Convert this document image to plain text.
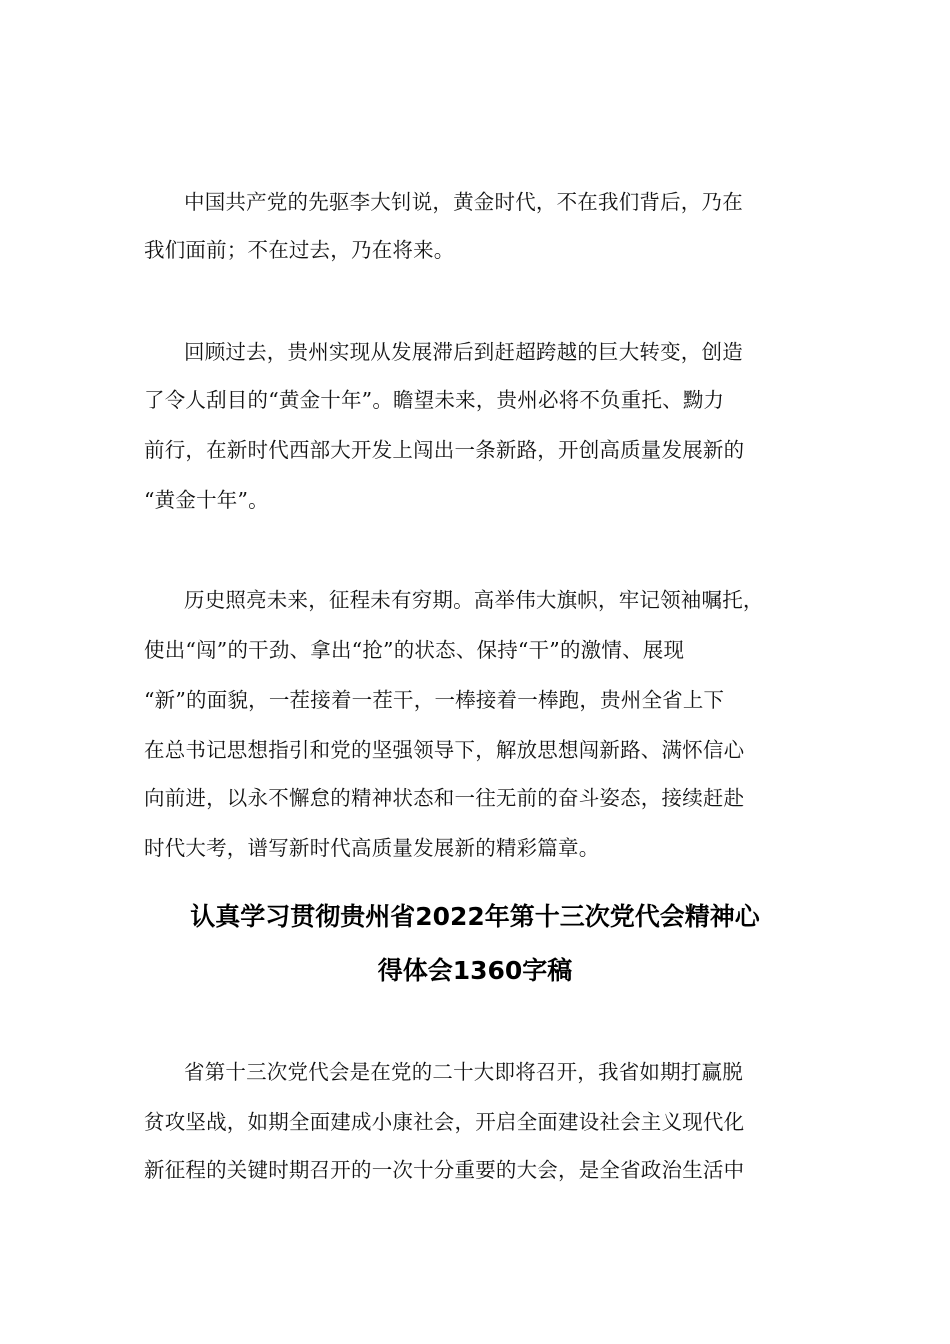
中国共产党的先驱李大钊说，黄金时代，不在我们背后，乃在
我们面前；不在过去，乃在将来。
回顾过去，贵州实现从发展滞后到赶超跨越的巨大转变，创造
了令人刮目的“黄金十年”。瞻望未来，贵州必将不负重托、黝力
前行，在新时代西部大开发上闯出一条新路，开创高质量发展新的
“黄金十年”。
历史照亮未来，征程未有穷期。高举伟大旗帜，牢记领袖嘱托，
使出“闯”的干劲、拿出“抢”的状态、保持“干”的激情、展现
“新”的面貌，一茬接着一茬干，一棒接着一棒跑，贵州全省上下
在总书记思想指引和党的坚强领导下，解放思想闯新路、满怀信心
向前进，以永不懈怠的精神状态和一往无前的奋斗姿态，接续赶赴
时代大考，谱写新时代高质量发展新的精彩篇章。
认真学习贯彻贵州省2022年第十三次党代会精神心
得体会1360字稿
省第十三次党代会是在党的二十大即将召开，我省如期打赢脱
贫攻坚战，如期全面建成小康社会，开启全面建设社会主义现代化
新征程的关键时期召开的一次十分重要的大会，是全省政治生活中
